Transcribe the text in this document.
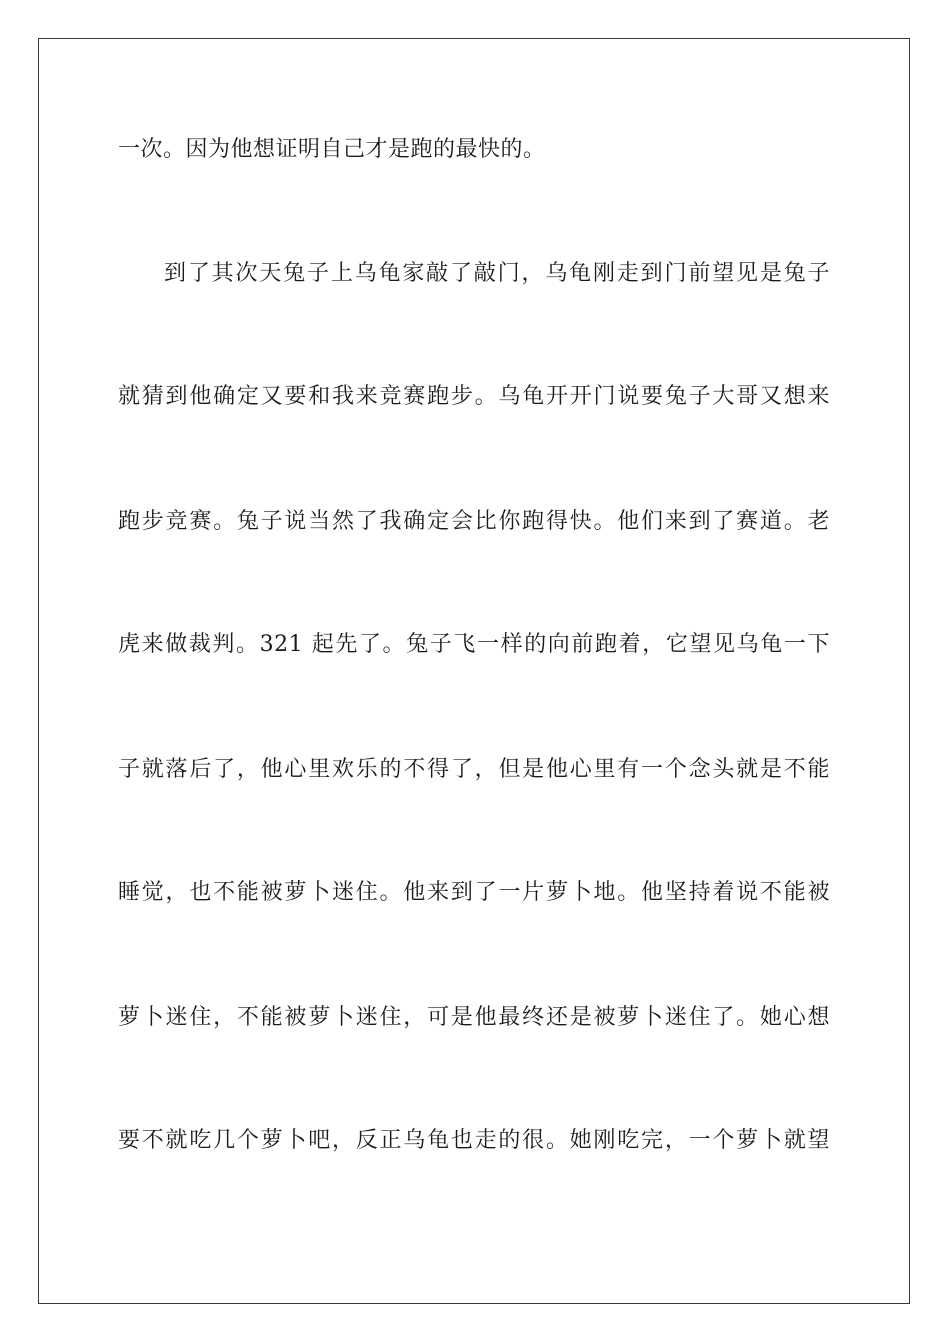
一次。因为他想证明自己才是跑的最快的。
到了其次天兔子上乌龟家敲了敲门，乌龟刚走到门前望见是兔子
就猜到他确定又要和我来竞赛跑步。乌龟开开门说要兔子大哥又想来
跑步竞赛。兔子说当然了我确定会比你跑得快。他们来到了赛道。老
虎来做裁判。321 起先了。兔子飞一样的向前跑着，它望见乌龟一下
子就落后了，他心里欢乐的不得了，但是他心里有一个念头就是不能
睡觉，也不能被萝卜迷住。他来到了一片萝卜地。他坚持着说不能被
萝卜迷住，不能被萝卜迷住，可是他最终还是被萝卜迷住了。她心想
要不就吃几个萝卜吧，反正乌龟也走的很。她刚吃完，一个萝卜就望
